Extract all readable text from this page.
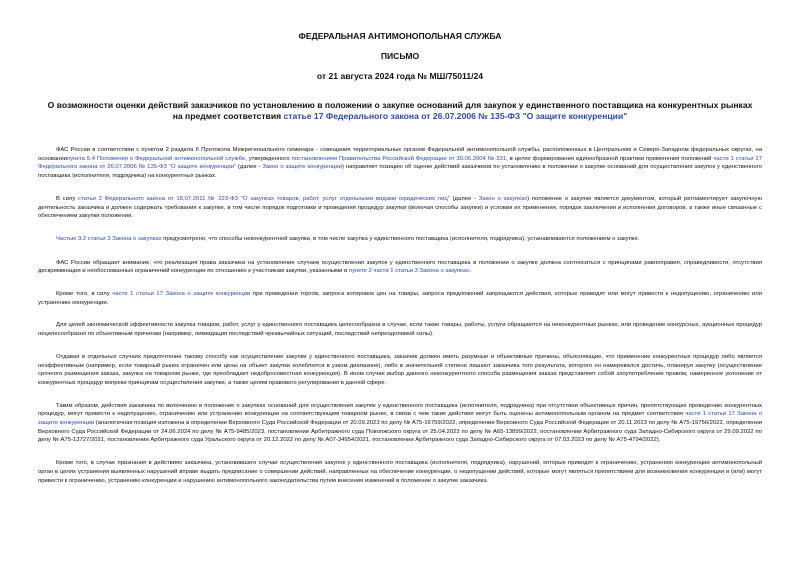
ФЕДЕРАЛЬНАЯ АНТИМОНОПОЛЬНАЯ СЛУЖБА
ПИСЬМО
от 21 августа 2024 года № МШ/75011/24
О возможности оценки действий заказчиков по установлению в положении о закупке оснований для закупок у единственного поставщика на конкурентных рынках
на предмет соответствия статье 17 Федерального закона от 26.07.2006 № 135-ФЗ "О защите конкуренции"

ФАС России в соответствии с пунктом 2 раздела II Протокола Межрегионального семинара - совещания территориальных органов Федеральной антимонопольной службы, расположенных в Центральном и Северо-Западном федеральных округах, на основаниипункта 5.4 Положения о Федеральной антимонопольной службе, утвержденного постановлением Правительства Российской Федерации от 30.06.2004 № 331, в целях формирования единообразной практики применения положений части 1 статьи 17 Федерального закона от 26.07.2006 № 135-ФЗ "О защите конкуренции" (далее - Закон о защите конкуренции) направляет позицию об оценке действий заказчиков по установлению в положении о закупке оснований для осуществления закупок у единственного поставщика (исполнителя, подрядчика) на конкурентных рынках.

В силу статьи 2 Федерального закона от 18.07.2011 № 223-ФЗ "О закупках товаров, работ, услуг отдельными видами юридических лиц" (далее - Закон о закупках) положение о закупке является документом, который регламентирует закупочную деятельность заказчика и должен содержать требования к закупке, в том числе порядок подготовки и проведения процедур закупки (включая способы закупки) и условия их применения, порядок заключения и исполнения договоров, а также иные связанные с обеспечением закупки положения.

Частью 3.2 статьи 3 Закона о закупках предусмотрено, что способы неконкурентной закупки, в том числе закупка у единственного поставщика (исполнителя, подрядчика), устанавливаются положением о закупке.

ФАС России обращает внимание, что реализация права заказчика на установление случаев осуществления закупок у единственного поставщика в положении о закупке должна соотноситься с принципами равноправия, справедливости, отсутствия дискриминации и необоснованных ограничений конкуренции по отношению к участникам закупки, указанными в пункте 2 части 1 статьи 3 Закона о закупках.

Кроме того, в силу части 1 статьи 17 Закона о защите конкуренции при проведении торгов, запроса котировок цен на товары, запроса предложений запрещаются действия, которые приводят или могут привести к недопущению, ограничению или устранению конкуренции.

Для целей экономической эффективности закупка товаров, работ, услуг у единственного поставщика целесообразна в случае, если такие товары, работы, услуги обращаются на неконкурентных рынках, или проведение конкурсных, аукционных процедур нецелесообразно по объективным причинам (например, ликвидация последствий чрезвычайных ситуаций, последствий непреодолимой силы).

Отдавая в отдельных случаях предпочтение такому способу как осуществление закупки у единственного поставщика, заказчик должен иметь разумные и объективные причины, объясняющие, что применение конкурентных процедур либо является неэффективным (например, если товарный рынок ограничен или цены на объект закупки колеблются в узком диапазоне), либо в значительной степени лишают заказчика того результата, которого он намеревался достичь, планируя закупку (осуществление срочного размещения заказа, закупка на товарном рынке, где преобладает недобросовестная конкуренция). В ином случае выбор данного неконкурентного способа размещения заказа представляет собой злоупотребление правом, намеренное уклонение от конкурентных процедур вопреки принципам осуществления закупки, а также целям правового регулирования в данной сфере.

Таким образом, действия заказчика по включению в положение о закупках оснований для осуществления закупок у единственного поставщика (исполнителя, подрядчика) при отсутствии объективных причин, препятствующих проведению конкурентных процедур, могут привести к недопущению, ограничению или устранению конкуренции на соответствующем товарном рынке, в связи с чем такие действия могут быть оценены антимонопольным органом на предмет соответствия части 1 статьи 17 Закона о защите конкуренции (аналогичная позиция изложена в определении Верховного Суда Российской Федерации от 20.09.2023 по делу № А75-16759/2022, определении Верховного Суда Российской Федерации от 20.11.2023 по делу № А75-19756/2022, определении Верховного Суда Российской Федерации от 24.06.2024 по делу № А75-9485/2023, постановлении Арбитражного суда Поволжского округа от 25.04.2023 по делу № А65-13899/2022, постановлении Арбитражного суда Западно-Сибирского округа от 29.09.2022 по делу № А75-13727/2021, постановлении Арбитражного суда Уральского округа от 20.12.2022 по делу № А07-34954/2021, постановлении Арбитражного суда Западно-Сибирского округа от 07.03.2023 по делу № А75-4794/2022).

Кроме того, в случае признания в действиях заказчика, установившего случаи осуществления закупок у единственного поставщика (исполнителя, подрядчика), нарушений, которые приводят к ограничению, устранению конкуренции антимонопольный орган в целях устранения выявленных нарушений вправе выдать предписание о совершении действий, направленных на обеспечение конкуренции, о недопущении действий, которые могут являться препятствием для возникновения конкуренции и (или) могут привести к ограничению, устранению конкуренции и нарушению антимонопольного законодательства путем внесения изменений в положение о закупке заказчика.
